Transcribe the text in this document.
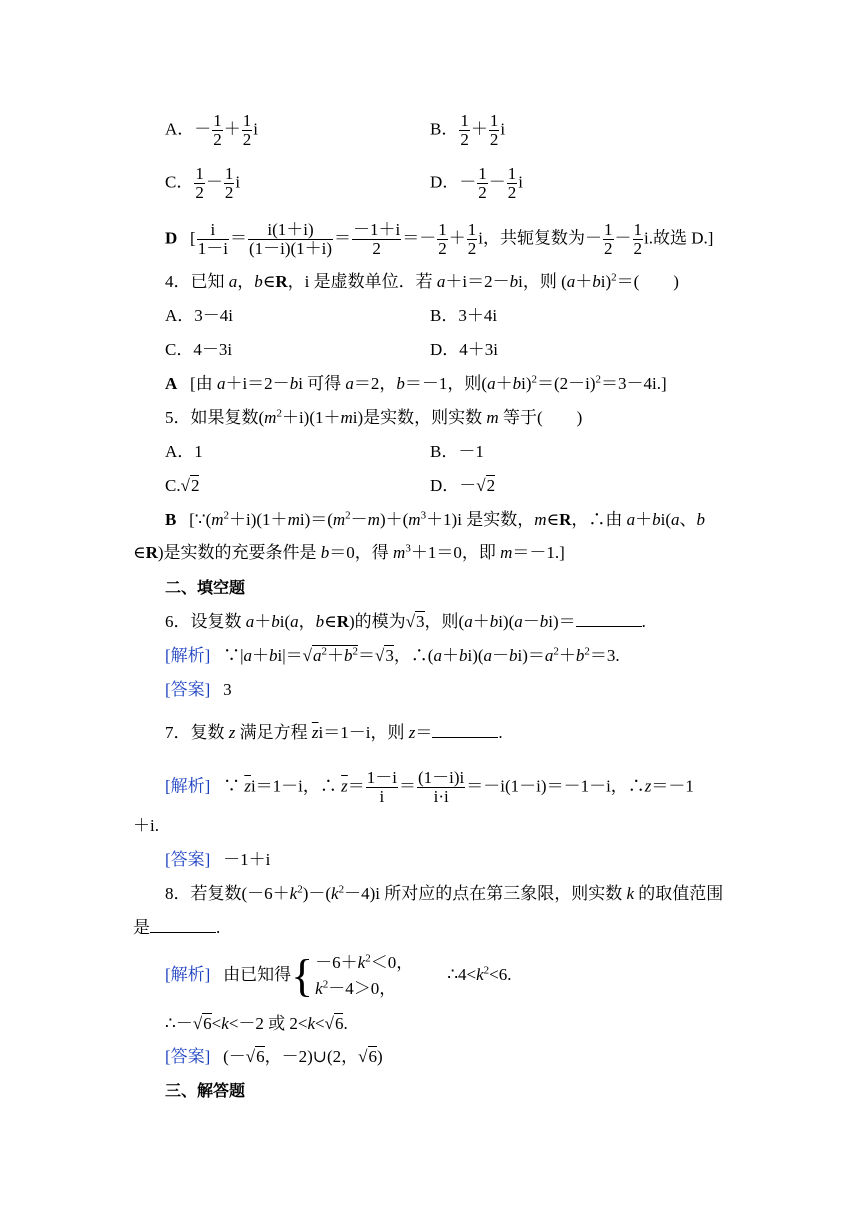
A．－ $\frac{1}{2} + \frac{1}{2}$ i	B． $\frac{1}{2} + \frac{1}{2}$ i
C． $\frac{1}{2} - \frac{1}{2}$ i	D．－ $\frac{1}{2} - \frac{1}{2}$ i
D [ $\frac{i}{1-i} = \frac{i(1+i)}{(1-i)(1+i)} = \frac{-1+i}{2} =- \frac{1}{2} + \frac{1}{2}$ i，共轭复数为－ $\frac{1}{2} - \frac{1}{2} i$.故选 D.]
4．已知 a，b∈R，i 是虚数单位．若 a＋i＝2－bi，则 $(a+bi)^2=$(　　)
A．3－4i	B．3＋4i
C．4－3i	D．4＋3i
A [由 a＋i＝2－bi 可得 a＝2，b＝－1，则$(a+bi)^2=(2-i)^2=3-4i$.]
5．如果复数$(m^2+i)(1+mi)$是实数，则实数 m 等于(　　)
A．1	B．－1
C. √ 2	D．－ √ 2
B [$\because(m^2+i)(1+mi)=(m^2-m)+(m^3+1)i$ 是实数，m∈R，∴由 a＋bi(a、b
∈R)是实数的充要条件是 b＝0，得 $m^3+1=0$，即 m＝－1.]
二、填空题
6．设复数 a＋bi(a，b∈R)的模为 √ 3，则(a＋bi)(a－bi)＝	.
[解析] ∵|a＋bi|＝ √ $a^2+b^2=$ √ 3，$\therefore(a+bi)(a-bi)=a^2+b^2=3$.
[答案] 3
7．复数 z 满足方程 $\overline{z}i=1-i$，则 z＝	.
[解析] ∵ $\overline{z}i=1-i$，∴ $\overline{z}= \frac{1-i}{i} = \frac{(1-i)i}{i\cdot i} =-i(1-i)=-1-i$，∴z＝－1
＋i.
[答案] －1＋i
8．若复数$(-6+k^2)-(k^2-4)i$ 所对应的点在第三象限，则实数 k 的取值范围
是	.
[解析] 由已知得{ $-6+k^2<0$，
$k^2-4>0$，
$\therefore 4<k^2<6$.
∴－ √ 6<k<－2 或 2<k< √ 6.
[答案] (－ √ 6，－2)∪(2， √ 6)
三、解答题
